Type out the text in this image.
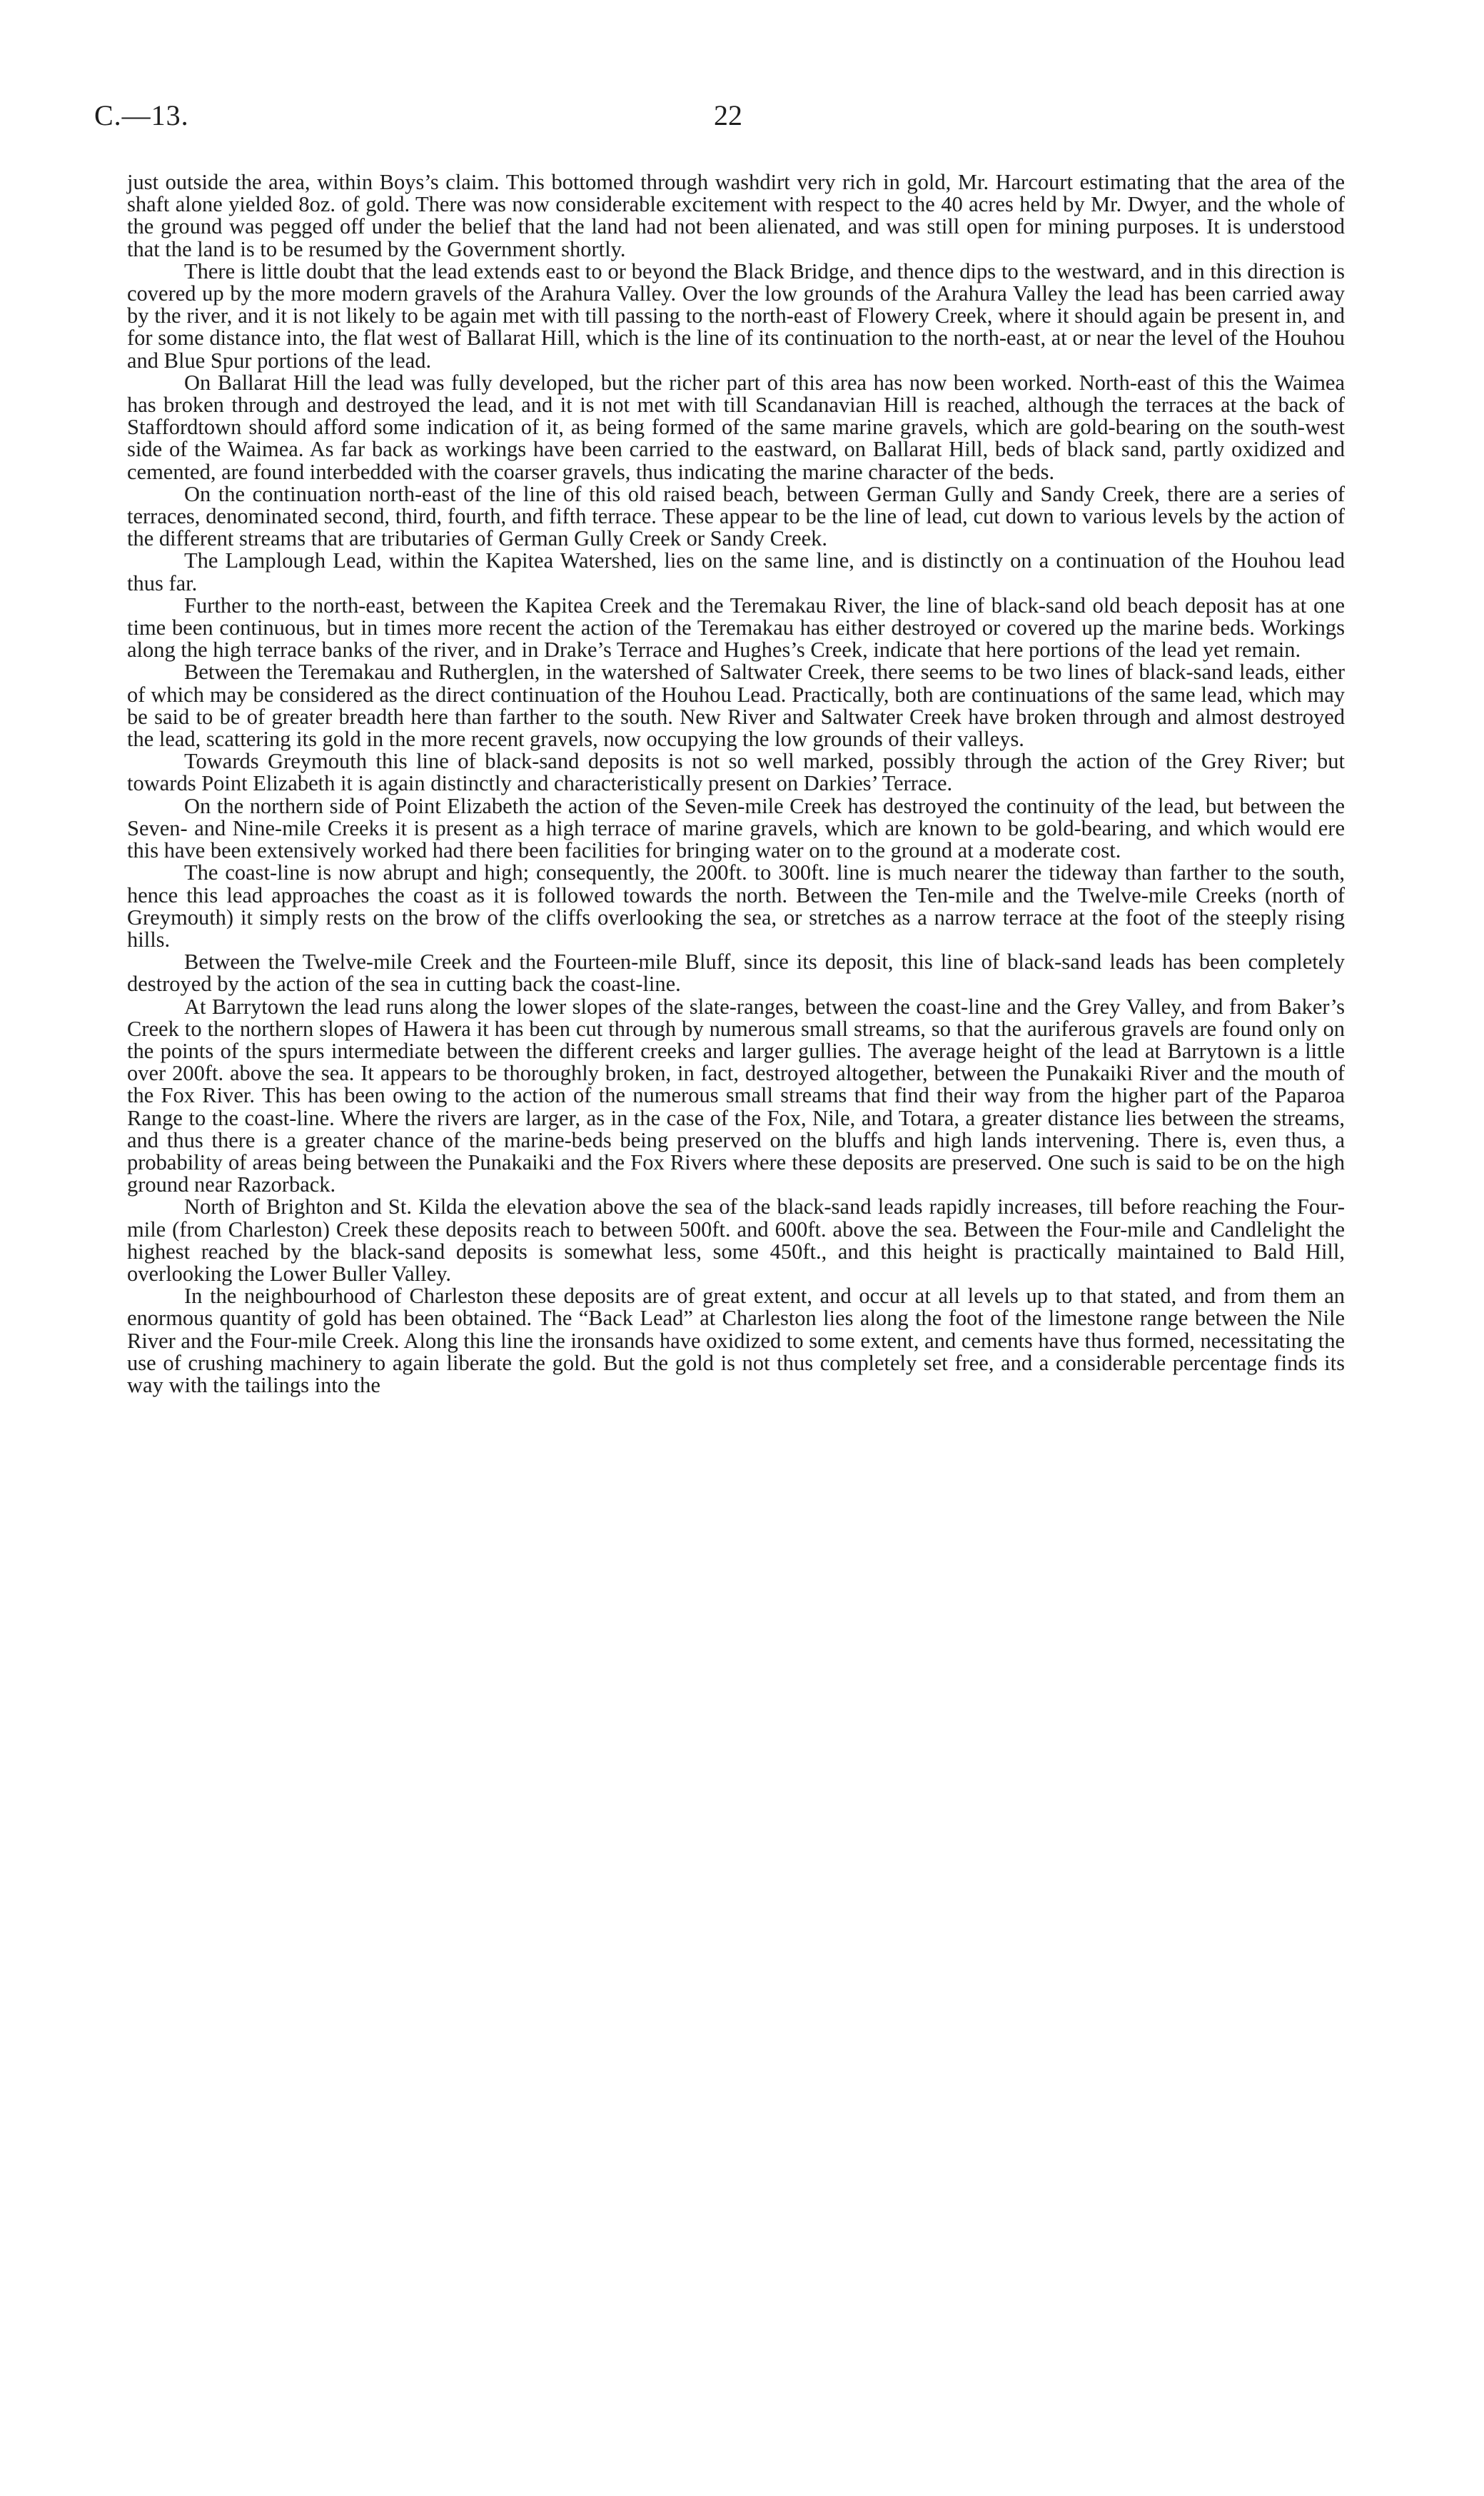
C.—13.	22

just outside the area, within Boys’s claim. This bottomed through washdirt very rich in gold, Mr. Harcourt estimating that the area of the shaft alone yielded 8oz. of gold. There was now considerable excitement with respect to the 40 acres held by Mr. Dwyer, and the whole of the ground was pegged off under the belief that the land had not been alienated, and was still open for mining purposes. It is understood that the land is to be resumed by the Government shortly.

There is little doubt that the lead extends east to or beyond the Black Bridge, and thence dips to the westward, and in this direction is covered up by the more modern gravels of the Arahura Valley. Over the low grounds of the Arahura Valley the lead has been carried away by the river, and it is not likely to be again met with till passing to the north-east of Flowery Creek, where it should again be present in, and for some distance into, the flat west of Ballarat Hill, which is the line of its continuation to the north-east, at or near the level of the Houhou and Blue Spur portions of the lead.

On Ballarat Hill the lead was fully developed, but the richer part of this area has now been worked. North-east of this the Waimea has broken through and destroyed the lead, and it is not met with till Scandanavian Hill is reached, although the terraces at the back of Staffordtown should afford some indication of it, as being formed of the same marine gravels, which are gold-bearing on the south-west side of the Waimea. As far back as workings have been carried to the eastward, on Ballarat Hill, beds of black sand, partly oxidized and cemented, are found interbedded with the coarser gravels, thus indicating the marine character of the beds.

On the continuation north-east of the line of this old raised beach, between German Gully and Sandy Creek, there are a series of terraces, denominated second, third, fourth, and fifth terrace. These appear to be the line of lead, cut down to various levels by the action of the different streams that are tributaries of German Gully Creek or Sandy Creek.

The Lamplough Lead, within the Kapitea Watershed, lies on the same line, and is distinctly on a continuation of the Houhou lead thus far.

Further to the north-east, between the Kapitea Creek and the Teremakau River, the line of black-sand old beach deposit has at one time been continuous, but in times more recent the action of the Teremakau has either destroyed or covered up the marine beds. Workings along the high terrace banks of the river, and in Drake’s Terrace and Hughes’s Creek, indicate that here portions of the lead yet remain.

Between the Teremakau and Rutherglen, in the watershed of Saltwater Creek, there seems to be two lines of black-sand leads, either of which may be considered as the direct continuation of the Houhou Lead. Practically, both are continuations of the same lead, which may be said to be of greater breadth here than farther to the south. New River and Saltwater Creek have broken through and almost destroyed the lead, scattering its gold in the more recent gravels, now occupying the low grounds of their valleys.

Towards Greymouth this line of black-sand deposits is not so well marked, possibly through the action of the Grey River; but towards Point Elizabeth it is again distinctly and characteristically present on Darkies’ Terrace.

On the northern side of Point Elizabeth the action of the Seven-mile Creek has destroyed the continuity of the lead, but between the Seven- and Nine-mile Creeks it is present as a high terrace of marine gravels, which are known to be gold-bearing, and which would ere this have been extensively worked had there been facilities for bringing water on to the ground at a moderate cost.

The coast-line is now abrupt and high; consequently, the 200ft. to 300ft. line is much nearer the tideway than farther to the south, hence this lead approaches the coast as it is followed towards the north. Between the Ten-mile and the Twelve-mile Creeks (north of Greymouth) it simply rests on the brow of the cliffs overlooking the sea, or stretches as a narrow terrace at the foot of the steeply rising hills.

Between the Twelve-mile Creek and the Fourteen-mile Bluff, since its deposit, this line of black-sand leads has been completely destroyed by the action of the sea in cutting back the coast-line.

At Barrytown the lead runs along the lower slopes of the slate-ranges, between the coast-line and the Grey Valley, and from Baker’s Creek to the northern slopes of Hawera it has been cut through by numerous small streams, so that the auriferous gravels are found only on the points of the spurs intermediate between the different creeks and larger gullies. The average height of the lead at Barrytown is a little over 200ft. above the sea. It appears to be thoroughly broken, in fact, destroyed altogether, between the Punakaiki River and the mouth of the Fox River. This has been owing to the action of the numerous small streams that find their way from the higher part of the Paparoa Range to the coast-line. Where the rivers are larger, as in the case of the Fox, Nile, and Totara, a greater distance lies between the streams, and thus there is a greater chance of the marine-beds being preserved on the bluffs and high lands intervening. There is, even thus, a probability of areas being between the Punakaiki and the Fox Rivers where these deposits are preserved. One such is said to be on the high ground near Razorback.

North of Brighton and St. Kilda the elevation above the sea of the black-sand leads rapidly increases, till before reaching the Four-mile (from Charleston) Creek these deposits reach to between 500ft. and 600ft. above the sea. Between the Four-mile and Candlelight the highest reached by the black-sand deposits is somewhat less, some 450ft., and this height is practically maintained to Bald Hill, overlooking the Lower Buller Valley.

In the neighbourhood of Charleston these deposits are of great extent, and occur at all levels up to that stated, and from them an enormous quantity of gold has been obtained. The “Back Lead” at Charleston lies along the foot of the limestone range between the Nile River and the Four-mile Creek. Along this line the ironsands have oxidized to some extent, and cements have thus formed, necessitating the use of crushing machinery to again liberate the gold. But the gold is not thus completely set free, and a considerable percentage finds its way with the tailings into the
